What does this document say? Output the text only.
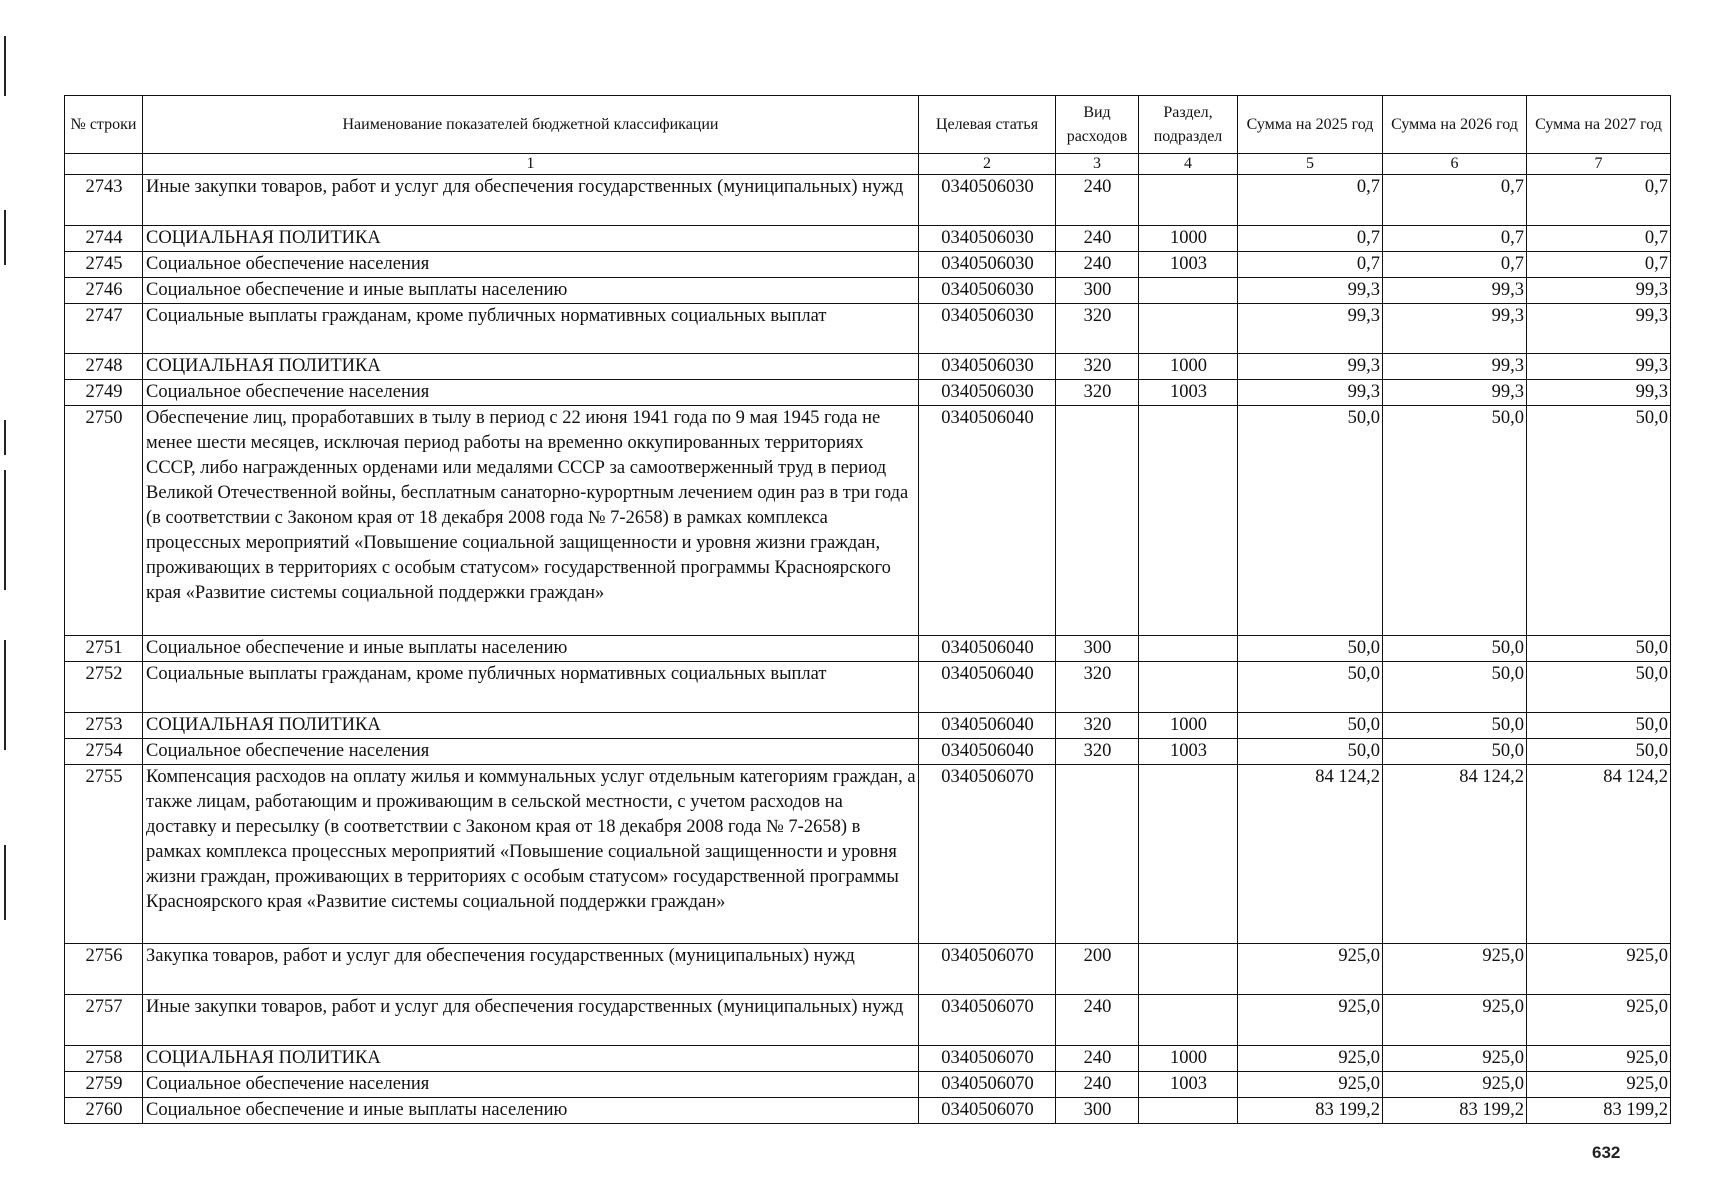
№ строки	Наименование показателей бюджетной классификации	Целевая статья	Вид расходов	Раздел, подраздел	Сумма на 2025 год	Сумма на 2026 год	Сумма на 2027 год
	1	2	3	4	5	6	7
2743	Иные закупки товаров, работ и услуг для обеспечения государственных (муниципальных) нужд	0340506030	240		0,7	0,7	0,7
2744	СОЦИАЛЬНАЯ ПОЛИТИКА	0340506030	240	1000	0,7	0,7	0,7
2745	Социальное обеспечение населения	0340506030	240	1003	0,7	0,7	0,7
2746	Социальное обеспечение и иные выплаты населению	0340506030	300		99,3	99,3	99,3
2747	Социальные выплаты гражданам, кроме публичных нормативных социальных выплат	0340506030	320		99,3	99,3	99,3
2748	СОЦИАЛЬНАЯ ПОЛИТИКА	0340506030	320	1000	99,3	99,3	99,3
2749	Социальное обеспечение населения	0340506030	320	1003	99,3	99,3	99,3
2750	Обеспечение лиц, проработавших в тылу в период с 22 июня 1941 года по 9 мая 1945 года не менее шести месяцев, исключая период работы на временно оккупированных территориях СССР, либо награжденных орденами или медалями СССР за самоотверженный труд в период Великой Отечественной войны, бесплатным санаторно-курортным лечением один раз в три года (в соответствии с Законом края от 18 декабря 2008 года № 7-2658) в рамках комплекса процессных мероприятий «Повышение социальной защищенности и уровня жизни граждан, проживающих в территориях с особым статусом» государственной программы Красноярского края «Развитие системы социальной поддержки граждан»	0340506040			50,0	50,0	50,0
2751	Социальное обеспечение и иные выплаты населению	0340506040	300		50,0	50,0	50,0
2752	Социальные выплаты гражданам, кроме публичных нормативных социальных выплат	0340506040	320		50,0	50,0	50,0
2753	СОЦИАЛЬНАЯ ПОЛИТИКА	0340506040	320	1000	50,0	50,0	50,0
2754	Социальное обеспечение населения	0340506040	320	1003	50,0	50,0	50,0
2755	Компенсация расходов на оплату жилья и коммунальных услуг отдельным категориям граждан, а также лицам, работающим и проживающим в сельской местности, с учетом расходов на доставку и пересылку (в соответствии с Законом края от 18 декабря 2008 года № 7-2658) в рамках комплекса процессных мероприятий «Повышение социальной защищенности и уровня жизни граждан, проживающих в территориях с особым статусом» государственной программы Красноярского края «Развитие системы социальной поддержки граждан»	0340506070			84 124,2	84 124,2	84 124,2
2756	Закупка товаров, работ и услуг для обеспечения государственных (муниципальных) нужд	0340506070	200		925,0	925,0	925,0
2757	Иные закупки товаров, работ и услуг для обеспечения государственных (муниципальных) нужд	0340506070	240		925,0	925,0	925,0
2758	СОЦИАЛЬНАЯ ПОЛИТИКА	0340506070	240	1000	925,0	925,0	925,0
2759	Социальное обеспечение населения	0340506070	240	1003	925,0	925,0	925,0
2760	Социальное обеспечение и иные выплаты населению	0340506070	300		83 199,2	83 199,2	83 199,2
632
